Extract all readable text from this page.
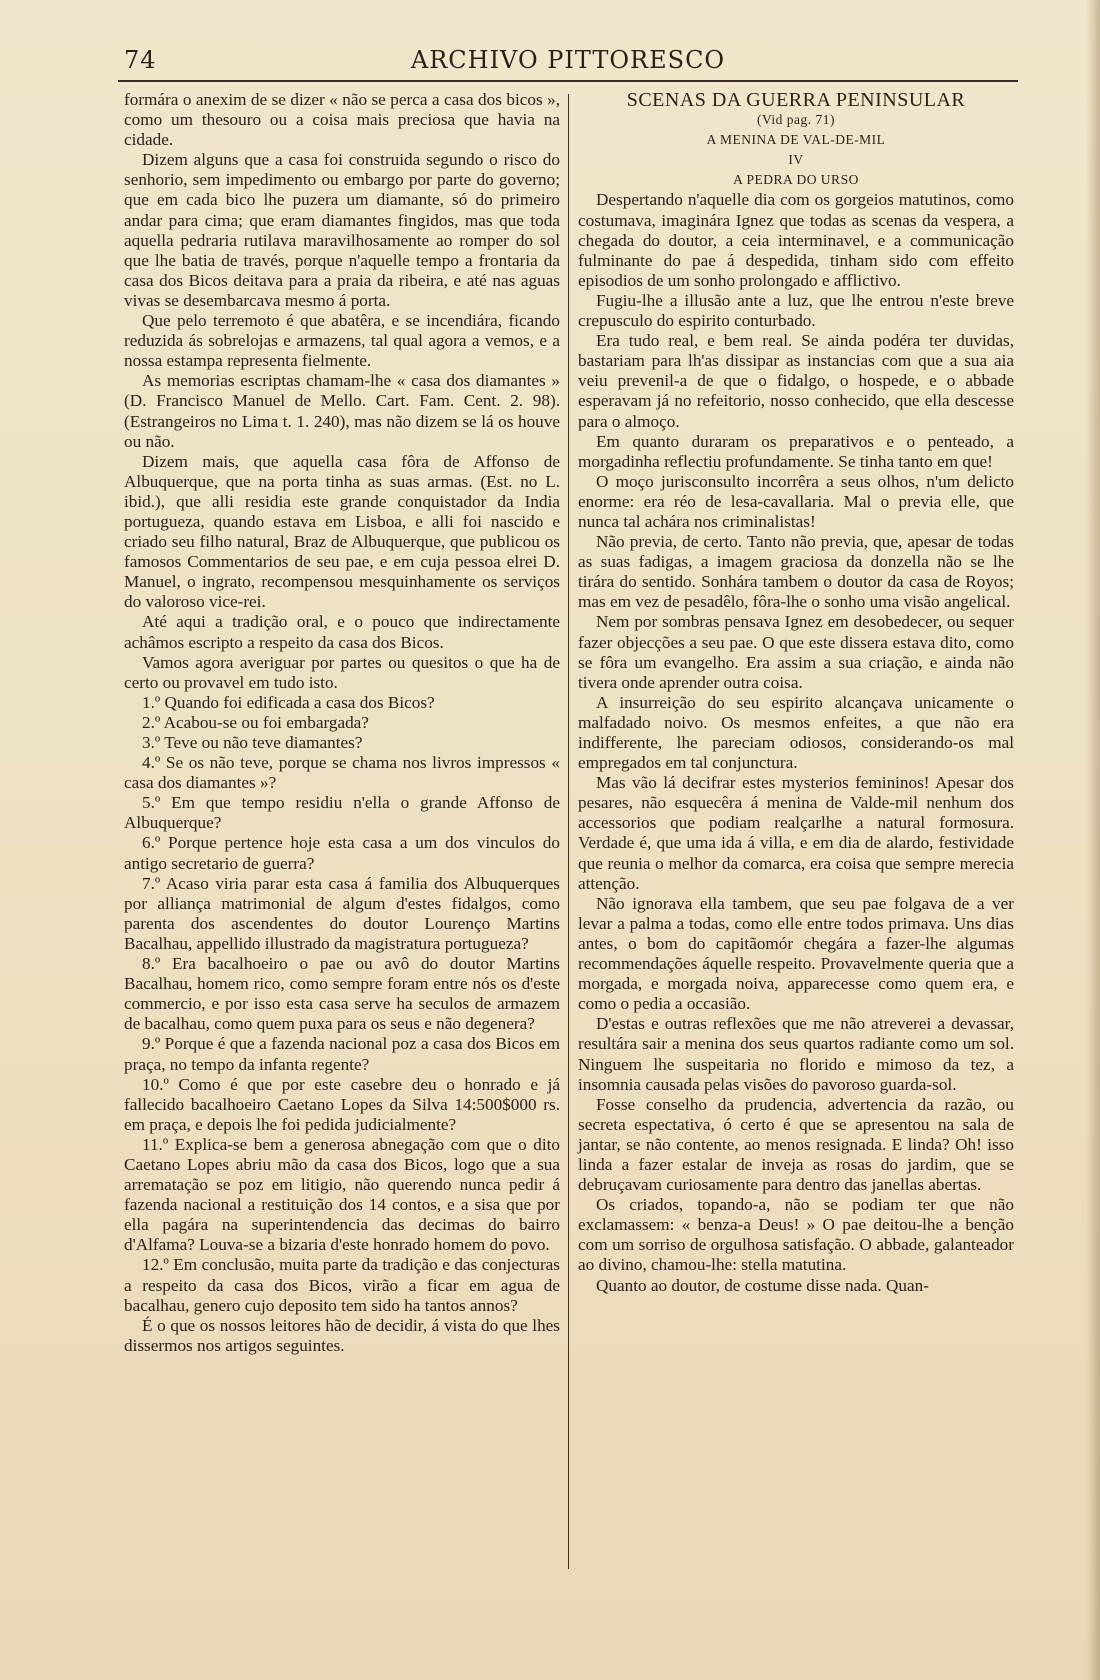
74	ARCHIVO PITTORESCO

formára o anexim de se dizer « não se perca a casa dos bicos », como um thesouro ou a coisa mais preciosa que havia na cidade.

Dizem alguns que a casa foi construida segundo o risco do senhorio, sem impedimento ou embargo por parte do governo; que em cada bico lhe puzera um diamante, só do primeiro andar para cima; que eram diamantes fingidos, mas que toda aquella pedraria rutilava maravilhosamente ao romper do sol que lhe batia de través, porque n'aquelle tempo a frontaria da casa dos Bicos deitava para a praia da ribeira, e até nas aguas vivas se desembarcava mesmo á porta.

Que pelo terremoto é que abatêra, e se incendiára, ficando reduzida ás sobrelojas e armazens, tal qual agora a vemos, e a nossa estampa representa fielmente.

As memorias escriptas chamam-lhe « casa dos diamantes » (D. Francisco Manuel de Mello. Cart. Fam. Cent. 2. 98). (Estrangeiros no Lima t. 1. 240), mas não dizem se lá os houve ou não.

Dizem mais, que aquella casa fôra de Affonso de Albuquerque, que na porta tinha as suas armas. (Est. no L. ibid.), que alli residia este grande conquistador da India portugueza, quando estava em Lisboa, e alli foi nascido e criado seu filho natural, Braz de Albuquerque, que publicou os famosos Commentarios de seu pae, e em cuja pessoa elrei D. Manuel, o ingrato, recompensou mesquinhamente os serviços do valoroso vice-rei.

Até aqui a tradição oral, e o pouco que indirectamente achâmos escripto a respeito da casa dos Bicos.

Vamos agora averiguar por partes ou quesitos o que ha de certo ou provavel em tudo isto.

1.º Quando foi edificada a casa dos Bicos?

2.º Acabou-se ou foi embargada?

3.º Teve ou não teve diamantes?

4.º Se os não teve, porque se chama nos livros impressos « casa dos diamantes »?

5.º Em que tempo residiu n'ella o grande Affonso de Albuquerque?

6.º Porque pertence hoje esta casa a um dos vinculos do antigo secretario de guerra?

7.º Acaso viria parar esta casa á familia dos Albuquerques por alliança matrimonial de algum d'estes fidalgos, como parenta dos ascendentes do doutor Lourenço Martins Bacalhau, appellido illustrado da magistratura portugueza?

8.º Era bacalhoeiro o pae ou avô do doutor Martins Bacalhau, homem rico, como sempre foram entre nós os d'este commercio, e por isso esta casa serve ha seculos de armazem de bacalhau, como quem puxa para os seus e não degenera?

9.º Porque é que a fazenda nacional poz a casa dos Bicos em praça, no tempo da infanta regente?

10.º Como é que por este casebre deu o honrado e já fallecido bacalhoeiro Caetano Lopes da Silva 14:500$000 rs. em praça, e depois lhe foi pedida judicialmente?

11.º Explica-se bem a generosa abnegação com que o dito Caetano Lopes abriu mão da casa dos Bicos, logo que a sua arrematação se poz em litigio, não querendo nunca pedir á fazenda nacional a restituição dos 14 contos, e a sisa que por ella pagára na superintendencia das decimas do bairro d'Alfama? Louva-se a bizaria d'este honrado homem do povo.

12.º Em conclusão, muita parte da tradição e das conjecturas a respeito da casa dos Bicos, virão a ficar em agua de bacalhau, genero cujo deposito tem sido ha tantos annos?

É o que os nossos leitores hão de decidir, á vista do que lhes dissermos nos artigos seguintes.

SCENAS DA GUERRA PENINSULAR

(Vid pag. 71)

A MENINA DE VAL-DE-MIL

IV

A PEDRA DO URSO

Despertando n'aquelle dia com os gorgeios matutinos, como costumava, imaginára Ignez que todas as scenas da vespera, a chegada do doutor, a ceia interminavel, e a communicação fulminante do pae á despedida, tinham sido com effeito episodios de um sonho prolongado e afflictivo.

Fugiu-lhe a illusão ante a luz, que lhe entrou n'este breve crepusculo do espirito conturbado.

Era tudo real, e bem real. Se ainda podéra ter duvidas, bastariam para lh'as dissipar as instancias com que a sua aia veiu prevenil-a de que o fidalgo, o hospede, e o abbade esperavam já no refeitorio, nosso conhecido, que ella descesse para o almoço.

Em quanto duraram os preparativos e o penteado, a morgadinha reflectiu profundamente. Se tinha tanto em que!

O moço jurisconsulto incorrêra a seus olhos, n'um delicto enorme: era réo de lesa-cavallaria. Mal o previa elle, que nunca tal achára nos criminalistas!

Não previa, de certo. Tanto não previa, que, apesar de todas as suas fadigas, a imagem graciosa da donzella não se lhe tirára do sentido. Sonhára tambem o doutor da casa de Royos; mas em vez de pesadêlo, fôra-lhe o sonho uma visão angelical.

Nem por sombras pensava Ignez em desobedecer, ou sequer fazer objecções a seu pae. O que este dissera estava dito, como se fôra um evangelho. Era assim a sua criação, e ainda não tivera onde aprender outra coisa.

A insurreição do seu espirito alcançava unicamente o malfadado noivo. Os mesmos enfeites, a que não era indifferente, lhe pareciam odiosos, considerando-os mal empregados em tal conjunctura.

Mas vão lá decifrar estes mysterios femininos! Apesar dos pesares, não esquecêra á menina de Valde-mil nenhum dos accessorios que podiam realçarlhe a natural formosura. Verdade é, que uma ida á villa, e em dia de alardo, festividade que reunia o melhor da comarca, era coisa que sempre merecia attenção.

Não ignorava ella tambem, que seu pae folgava de a ver levar a palma a todas, como elle entre todos primava. Uns dias antes, o bom do capitãomór chegára a fazer-lhe algumas recommendações áquelle respeito. Provavelmente queria que a morgada, e morgada noiva, apparecesse como quem era, e como o pedia a occasião.

D'estas e outras reflexões que me não atreverei a devassar, resultára sair a menina dos seus quartos radiante como um sol. Ninguem lhe suspeitaria no florido e mimoso da tez, a insomnia causada pelas visões do pavoroso guarda-sol.

Fosse conselho da prudencia, advertencia da razão, ou secreta espectativa, ó certo é que se apresentou na sala de jantar, se não contente, ao menos resignada. E linda? Oh! isso linda a fazer estalar de inveja as rosas do jardim, que se debruçavam curiosamente para dentro das janellas abertas.

Os criados, topando-a, não se podiam ter que não exclamassem: « benza-a Deus! » O pae deitou-lhe a benção com um sorriso de orgulhosa satisfação. O abbade, galanteador ao divino, chamou-lhe: stella matutina.

Quanto ao doutor, de costume disse nada. Quan-
